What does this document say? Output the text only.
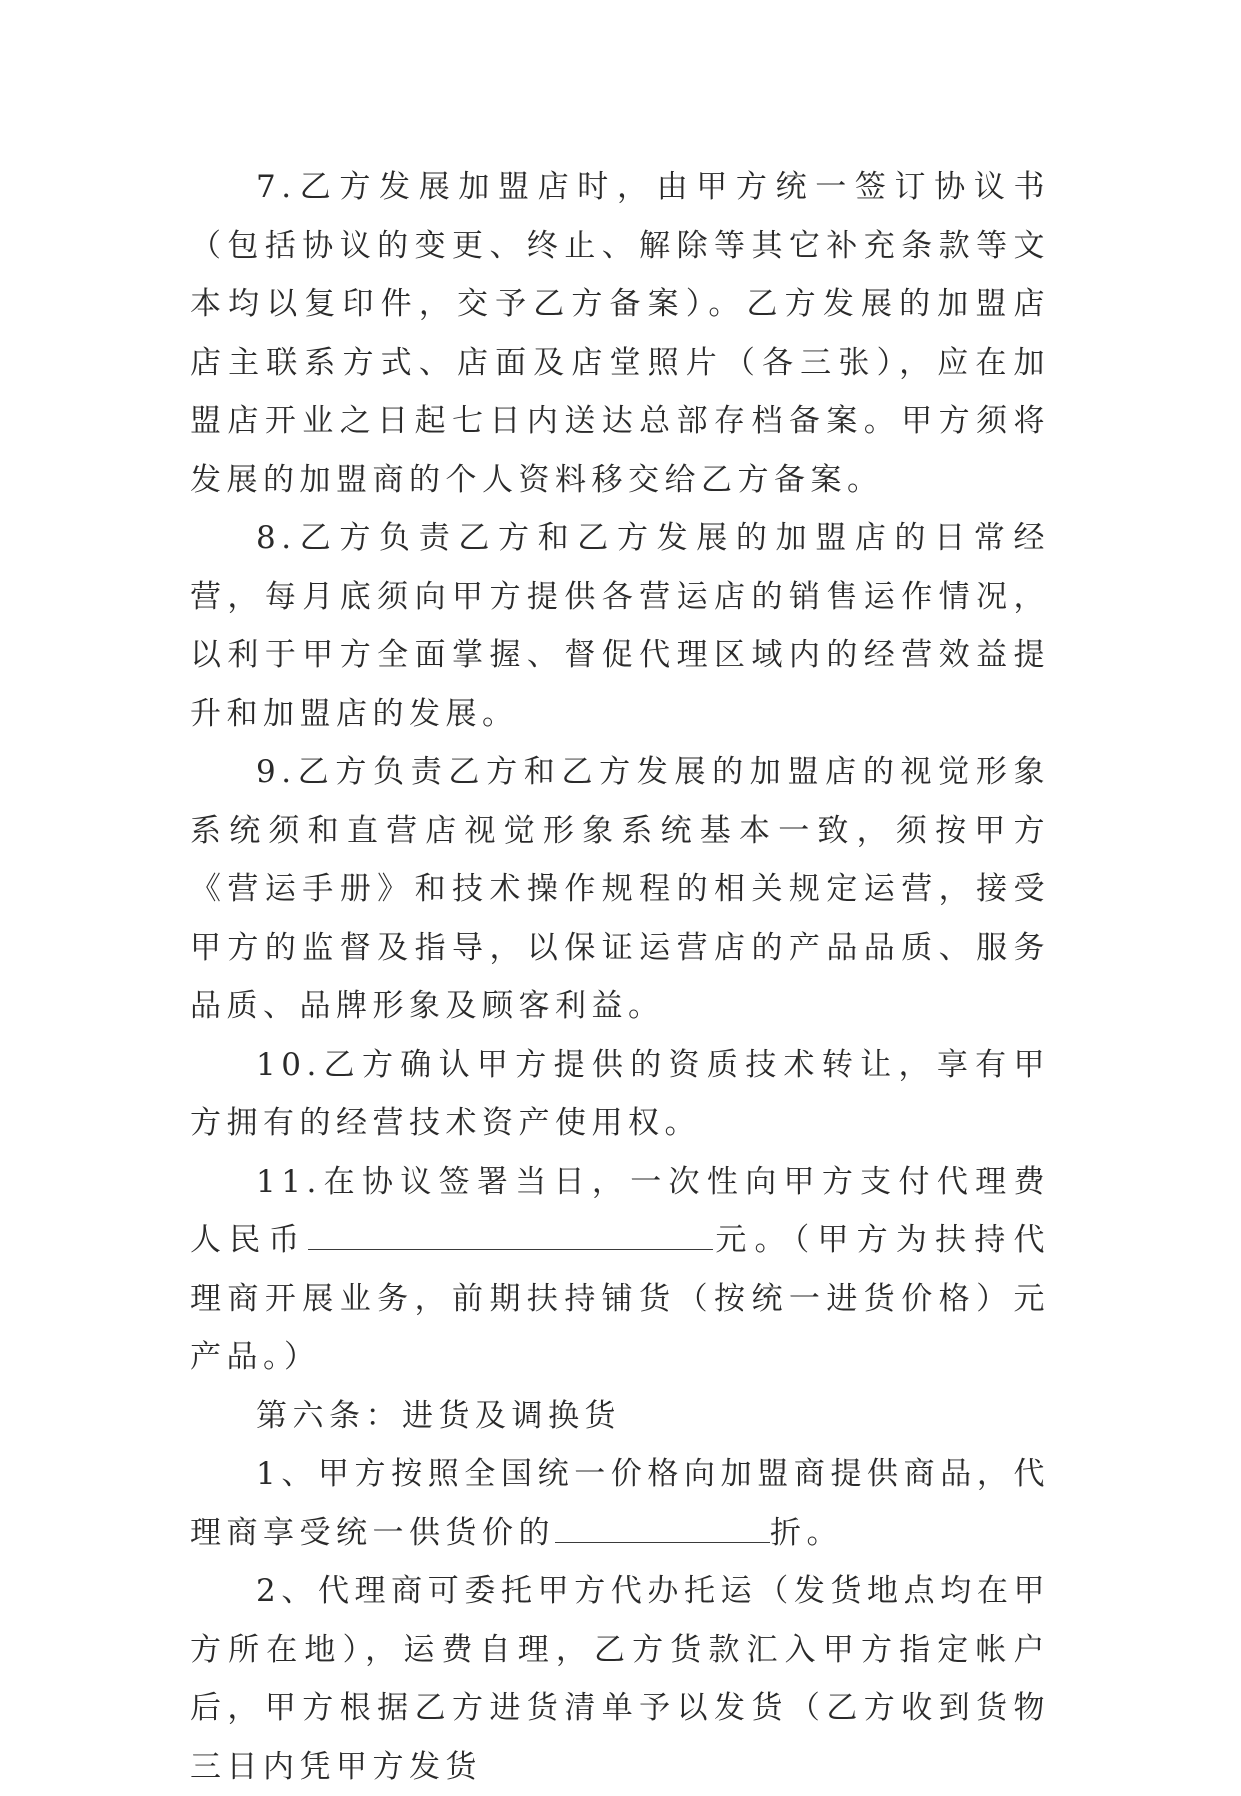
7.乙方发展加盟店时，由甲方统一签订协议书（包括协议的变更、终止、解除等其它补充条款等文本均以复印件，交予乙方备案）。乙方发展的加盟店店主联系方式、店面及店堂照片（各三张），应在加盟店开业之日起七日内送达总部存档备案。甲方须将发展的加盟商的个人资料移交给乙方备案。

8.乙方负责乙方和乙方发展的加盟店的日常经营，每月底须向甲方提供各营运店的销售运作情况，以利于甲方全面掌握、督促代理区域内的经营效益提升和加盟店的发展。

9.乙方负责乙方和乙方发展的加盟店的视觉形象系统须和直营店视觉形象系统基本一致，须按甲方《营运手册》和技术操作规程的相关规定运营，接受甲方的监督及指导，以保证运营店的产品品质、服务品质、品牌形象及顾客利益。

10.乙方确认甲方提供的资质技术转让，享有甲方拥有的经营技术资产使用权。

11.在协议签署当日，一次性向甲方支付代理费人民币	元。（甲方为扶持代理商开展业务，前期扶持铺货（按统一进货价格）元产品。）

第六条：进货及调换货

1、甲方按照全国统一价格向加盟商提供商品，代理商享受统一供货价的	折。

2、代理商可委托甲方代办托运（发货地点均在甲方所在地），运费自理，乙方货款汇入甲方指定帐户后，甲方根据乙方进货清单予以发货（乙方收到货物三日内凭甲方发货
